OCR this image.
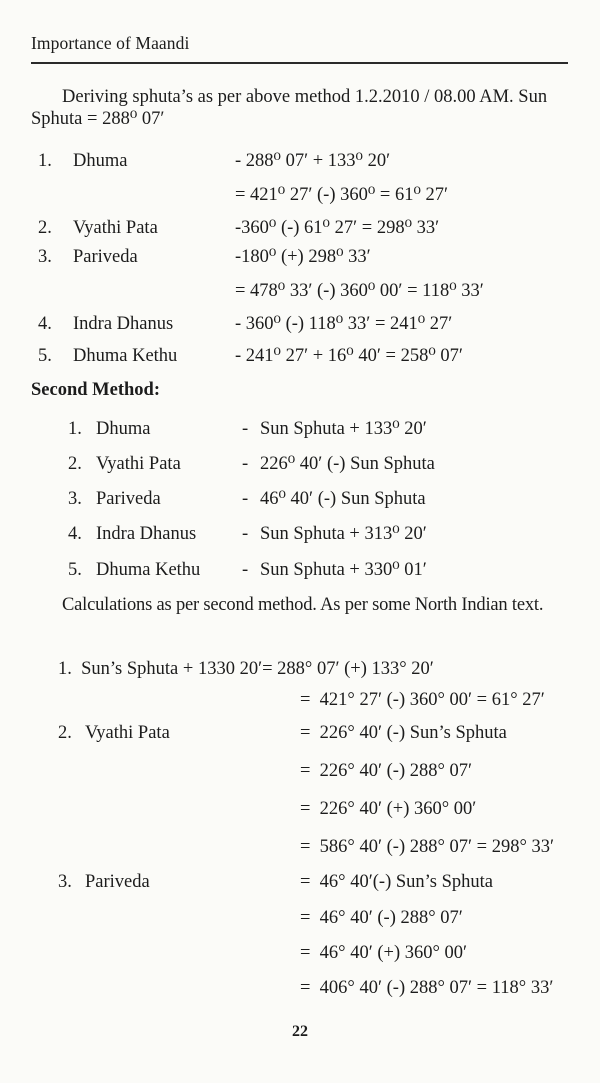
Importance of Maandi
Deriving sphuta’s as per above method 1.2.2010 / 08.00 AM. Sun Sphuta = 288⁰ 07′
1. Dhuma	- 288⁰ 07′ + 133⁰ 20′
= 421⁰ 27′ (-) 360⁰ = 61⁰ 27′
2. Vyathi Pata	-360⁰ (-) 61⁰ 27′ = 298⁰ 33′
3. Pariveda	-180⁰ (+) 298⁰ 33′
= 478⁰ 33′ (-) 360⁰ 00′ = 118⁰ 33′
4. Indra Dhanus	- 360⁰ (-) 118⁰ 33′ = 241⁰ 27′
5. Dhuma Kethu	- 241⁰ 27′ + 16⁰ 40′ = 258⁰ 07′
Second Method:
1. Dhuma	- Sun Sphuta + 133⁰ 20′
2. Vyathi Pata	- 226⁰ 40′ (-) Sun Sphuta
3. Pariveda	- 46⁰ 40′ (-) Sun Sphuta
4. Indra Dhanus - Sun Sphuta + 313⁰ 20′
5. Dhuma Kethu - Sun Sphuta + 330⁰ 01′
Calculations as per second method. As per some North Indian text.
1.  Sun’s Sphuta + 1330 20′= 288° 07′ (+) 133° 20′
=  421° 27′ (-) 360° 00′ = 61° 27′
2. Vyathi Pata	=  226° 40′ (-) Sun’s Sphuta
=  226° 40′ (-) 288° 07′
=  226° 40′ (+) 360° 00′
=  586° 40′ (-) 288° 07′ = 298° 33′
3. Pariveda	=  46° 40′(-) Sun’s Sphuta
=  46° 40′ (-) 288° 07′
=  46° 40′ (+) 360° 00′
=  406° 40′ (-) 288° 07′ = 118° 33′
22
